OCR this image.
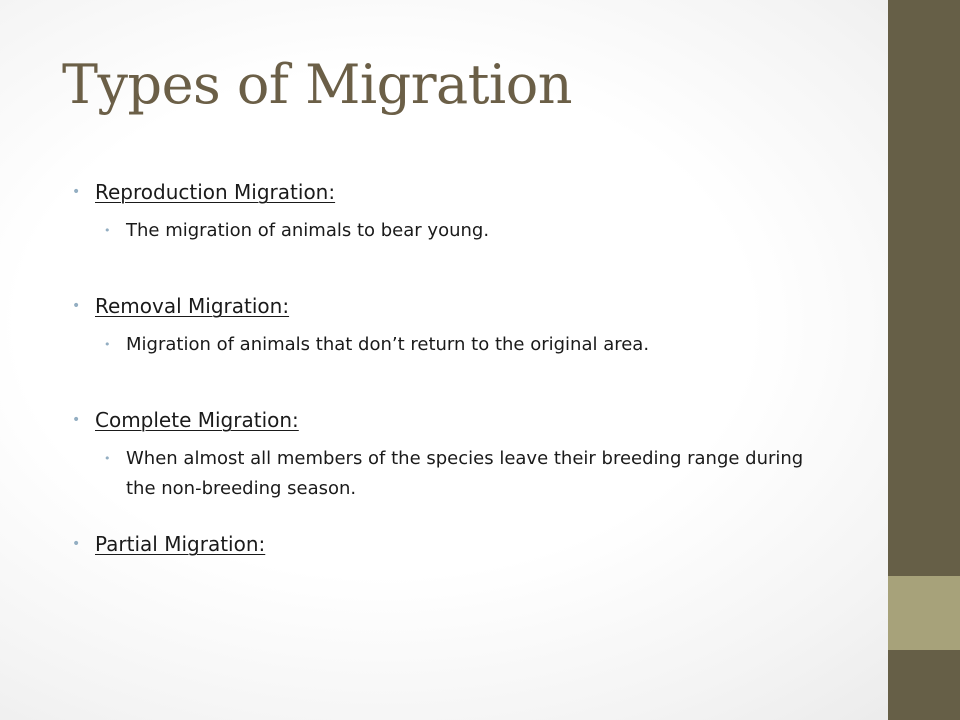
Types of Migration
• Reproduction Migration:
• The migration of animals to bear young.
• Removal Migration:
• Migration of animals that don’t return to the original area.
• Complete Migration:
• When almost all members of the species leave their breeding range during the non-breeding season.
• Partial Migration:
